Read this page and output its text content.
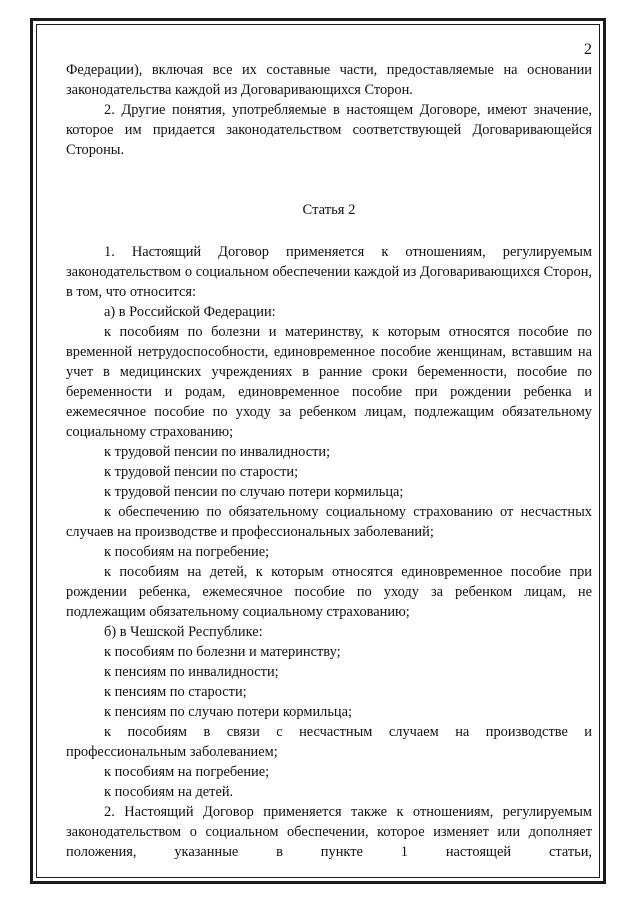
2

Федерации), включая все их составные части, предоставляемые на основании законодательства каждой из Договаривающихся Сторон.

2. Другие понятия, употребляемые в настоящем Договоре, имеют значение, которое им придается законодательством соответствующей Договаривающейся Стороны.

Статья 2

1. Настоящий Договор применяется к отношениям, регулируемым законодательством о социальном обеспечении каждой из Договаривающихся Сторон, в том, что относится:

а) в Российской Федерации:

к пособиям по болезни и материнству, к которым относятся пособие по временной нетрудоспособности, единовременное пособие женщинам, вставшим на учет в медицинских учреждениях в ранние сроки беременности, пособие по беременности и родам, единовременное пособие при рождении ребенка и ежемесячное пособие по уходу за ребенком лицам, подлежащим обязательному социальному страхованию;

к трудовой пенсии по инвалидности;

к трудовой пенсии по старости;

к трудовой пенсии по случаю потери кормильца;

к обеспечению по обязательному социальному страхованию от несчастных случаев на производстве и профессиональных заболеваний;

к пособиям на погребение;

к пособиям на детей, к которым относятся единовременное пособие при рождении ребенка, ежемесячное пособие по уходу за ребенком лицам, не подлежащим обязательному социальному страхованию;

б) в Чешской Республике:

к пособиям по болезни и материнству;

к пенсиям по инвалидности;

к пенсиям по старости;

к пенсиям по случаю потери кормильца;

к пособиям в связи с несчастным случаем на производстве и профессиональным заболеванием;

к пособиям на погребение;

к пособиям на детей.

2. Настоящий Договор применяется также к отношениям, регулируемым законодательством о социальном обеспечении, которое изменяет или дополняет положения, указанные в пункте 1 настоящей статьи,
